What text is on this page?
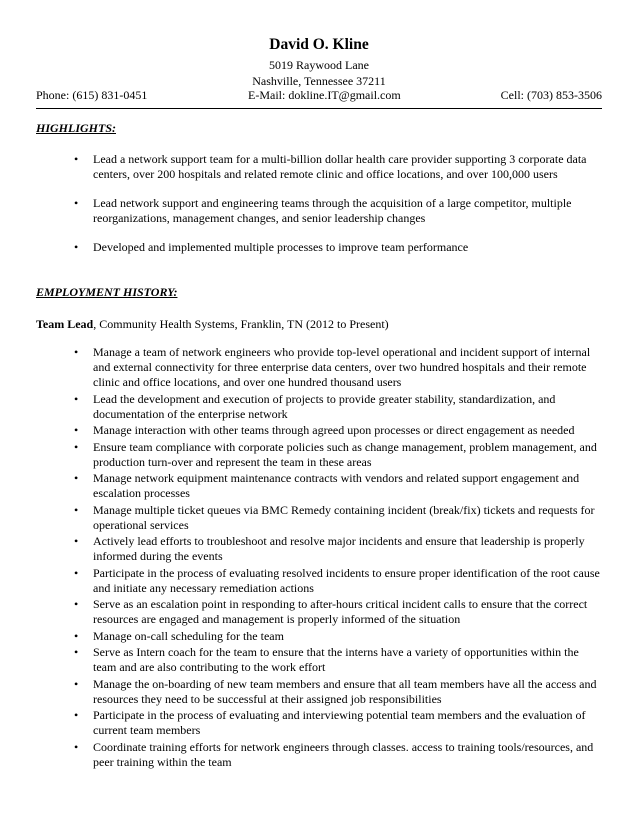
David O. Kline
5019 Raywood Lane
Nashville, Tennessee 37211
Phone: (615) 831-0451	E-Mail: dokline.IT@gmail.com	Cell: (703) 853-3506
HIGHLIGHTS:
• Lead a network support team for a multi-billion dollar health care provider supporting 3 corporate data centers, over 200 hospitals and related remote clinic and office locations, and over 100,000 users
• Lead network support and engineering teams through the acquisition of a large competitor, multiple reorganizations, management changes, and senior leadership changes
• Developed and implemented multiple processes to improve team performance
EMPLOYMENT HISTORY:
Team Lead, Community Health Systems, Franklin, TN (2012 to Present)
• Manage a team of network engineers who provide top-level operational and incident support of internal and external connectivity for three enterprise data centers, over two hundred hospitals and their remote clinic and office locations, and over one hundred thousand users
• Lead the development and execution of projects to provide greater stability, standardization, and documentation of the enterprise network
• Manage interaction with other teams through agreed upon processes or direct engagement as needed
• Ensure team compliance with corporate policies such as change management, problem management, and production turn-over and represent the team in these areas
• Manage network equipment maintenance contracts with vendors and related support engagement and escalation processes
• Manage multiple ticket queues via BMC Remedy containing incident (break/fix) tickets and requests for operational services
• Actively lead efforts to troubleshoot and resolve major incidents and ensure that leadership is properly informed during the events
• Participate in the process of evaluating resolved incidents to ensure proper identification of the root cause and initiate any necessary remediation actions
• Serve as an escalation point in responding to after-hours critical incident calls to ensure that the correct resources are engaged and management is properly informed of the situation
• Manage on-call scheduling for the team
• Serve as Intern coach for the team to ensure that the interns have a variety of opportunities within the team and are also contributing to the work effort
• Manage the on-boarding of new team members and ensure that all team members have all the access and resources they need to be successful at their assigned job responsibilities
• Participate in the process of evaluating and interviewing potential team members and the evaluation of current team members
• Coordinate training efforts for network engineers through classes. access to training tools/resources, and peer training within the team
